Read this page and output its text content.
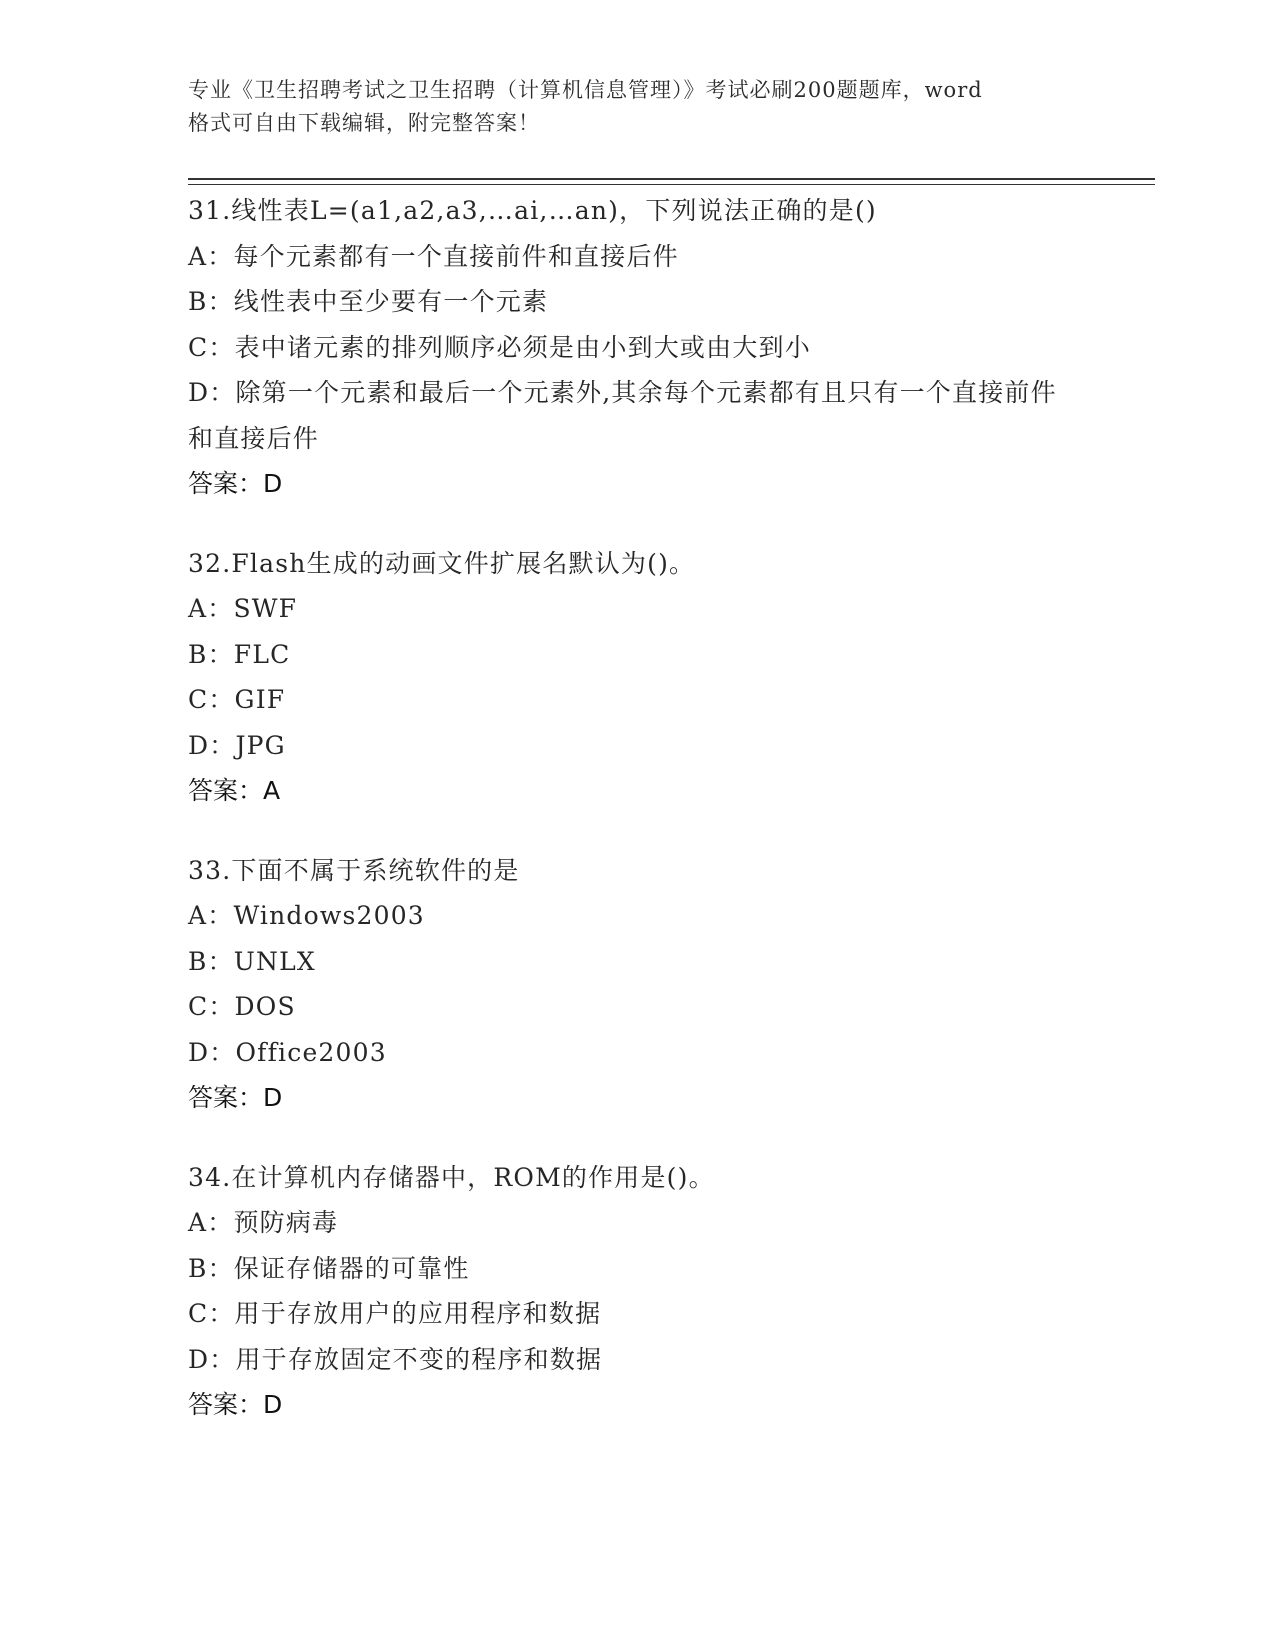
专业《卫生招聘考试之卫生招聘（计算机信息管理）》考试必刷200题题库，word
格式可自由下载编辑，附完整答案！
31.线性表L=(a1,a2,a3,…ai,…an)，下列说法正确的是()
A：每个元素都有一个直接前件和直接后件
B：线性表中至少要有一个元素
C：表中诸元素的排列顺序必须是由小到大或由大到小
D：除第一个元素和最后一个元素外,其余每个元素都有且只有一个直接前件和直接后件
答案：D
32.Flash生成的动画文件扩展名默认为()。
A：SWF
B：FLC
C：GIF
D：JPG
答案：A
33.下面不属于系统软件的是
A：Windows2003
B：UNLX
C：DOS
D：Office2003
答案：D
34.在计算机内存储器中，ROM的作用是()。
A：预防病毒
B：保证存储器的可靠性
C：用于存放用户的应用程序和数据
D：用于存放固定不变的程序和数据
答案：D
